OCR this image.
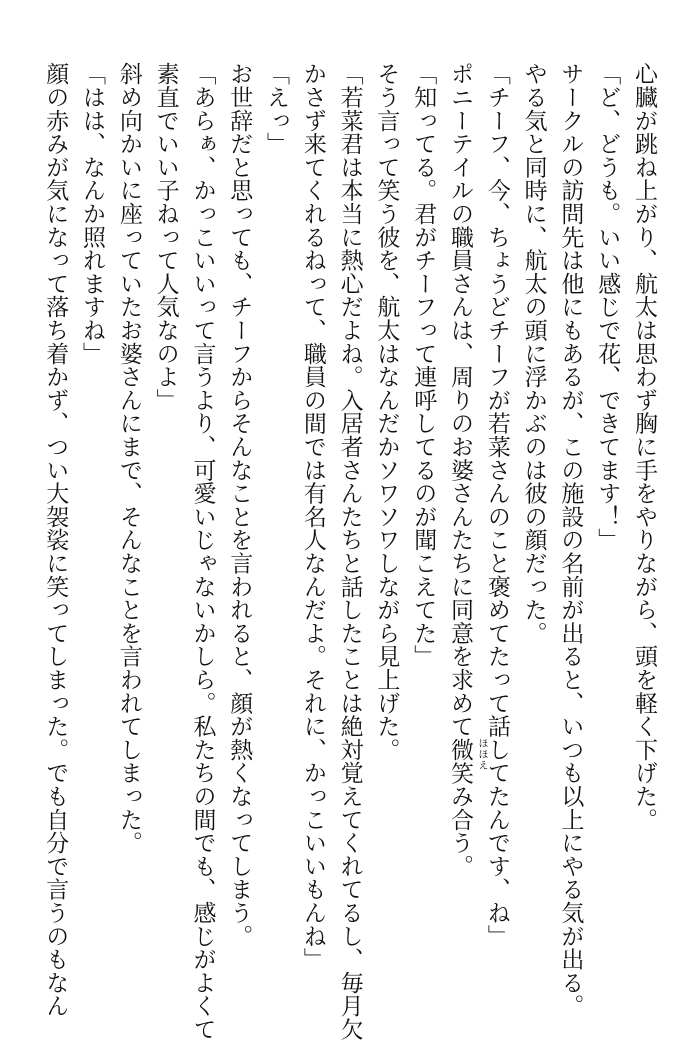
心臓が跳ね上がり、航太は思わず胸に手をやりながら、頭を軽く下げた。

「ど、どうも。いい感じで花、できてます！」

サークルの訪問先は他にもあるが、この施設の名前が出ると、いつも以上にやる気が出る。

やる気と同時に、航太の頭に浮かぶのは彼の顔だった。

「チーフ、今、ちょうどチーフが若菜さんのこと褒めてたって話してたんです、ね」

ポニーテイルの職員さんは、周りのお婆さんたちに同意を求めて微笑 ほほえ
み合う。

「知ってる。君がチーフって連呼してるのが聞こえてた」

そう言って笑う彼を、航太はなんだかソワソワしながら見上げた。

「若菜君は本当に熱心だよね。入居者さんたちと話したことは絶対覚えてくれてるし、毎月欠

かさず来てくれるねって、職員の間では有名人なんだよ。それに、かっこいいもんね」

「えっ」

お世辞だと思っても、チーフからそんなことを言われると、顔が熱くなってしまう。

「あらぁ、かっこいいって言うより、可愛いじゃないかしら。私たちの間でも、感じがよくて

素直でいい子ねって人気なのよ」

斜め向かいに座っていたお婆さんにまで、そんなことを言われてしまった。

「はは、なんか照れますね」

顔の赤みが気になって落ち着かず、つい大袈裟に笑ってしまった。でも自分で言うのもなん
